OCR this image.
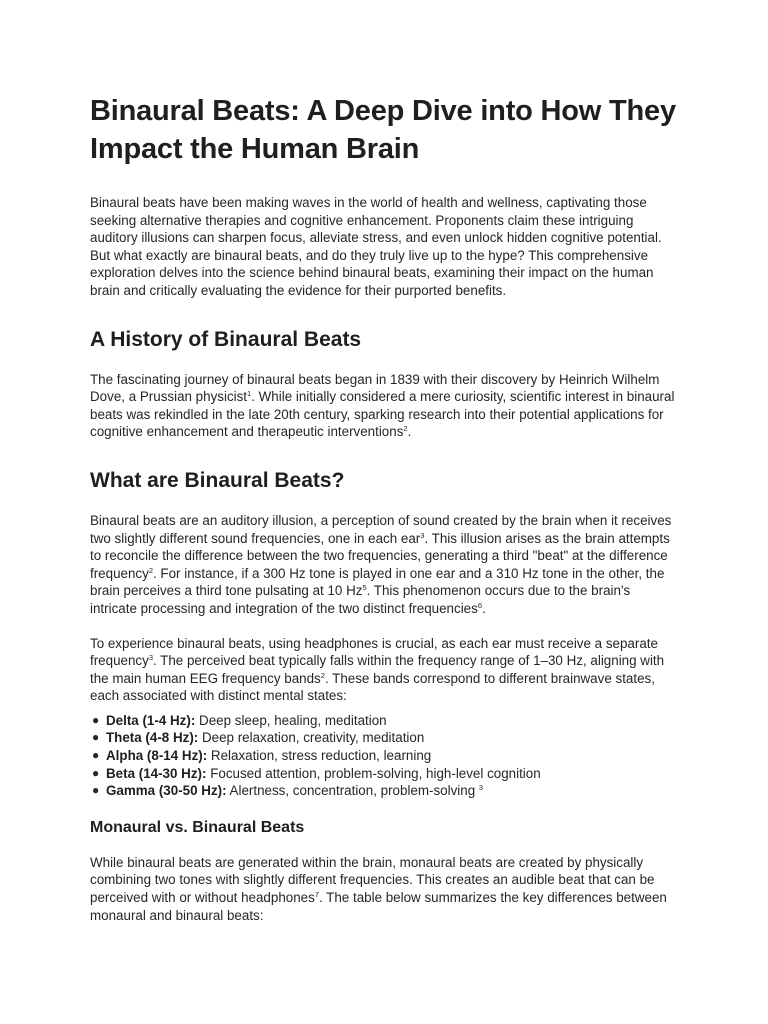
Binaural Beats: A Deep Dive into How They Impact the Human Brain

Binaural beats have been making waves in the world of health and wellness, captivating those seeking alternative therapies and cognitive enhancement. Proponents claim these intriguing auditory illusions can sharpen focus, alleviate stress, and even unlock hidden cognitive potential. But what exactly are binaural beats, and do they truly live up to the hype? This comprehensive exploration delves into the science behind binaural beats, examining their impact on the human brain and critically evaluating the evidence for their purported benefits.

A History of Binaural Beats

The fascinating journey of binaural beats began in 1839 with their discovery by Heinrich Wilhelm Dove, a Prussian physicist$^1$. While initially considered a mere curiosity, scientific interest in binaural beats was rekindled in the late 20th century, sparking research into their potential applications for cognitive enhancement and therapeutic interventions$^2$.

What are Binaural Beats?

Binaural beats are an auditory illusion, a perception of sound created by the brain when it receives two slightly different sound frequencies, one in each ear$^3$. This illusion arises as the brain attempts to reconcile the difference between the two frequencies, generating a third "beat" at the difference frequency$^2$. For instance, if a 300 Hz tone is played in one ear and a 310 Hz tone in the other, the brain perceives a third tone pulsating at 10 Hz$^5$. This phenomenon occurs due to the brain's intricate processing and integration of the two distinct frequencies$^6$.

To experience binaural beats, using headphones is crucial, as each ear must receive a separate frequency$^3$. The perceived beat typically falls within the frequency range of 1–30 Hz, aligning with the main human EEG frequency bands$^2$. These bands correspond to different brainwave states, each associated with distinct mental states:

● Delta (1-4 Hz): Deep sleep, healing, meditation
● Theta (4-8 Hz): Deep relaxation, creativity, meditation
● Alpha (8-14 Hz): Relaxation, stress reduction, learning
● Beta (14-30 Hz): Focused attention, problem-solving, high-level cognition
● Gamma (30-50 Hz): Alertness, concentration, problem-solving $^3$
Monaural vs. Binaural Beats

While binaural beats are generated within the brain, monaural beats are created by physically combining two tones with slightly different frequencies. This creates an audible beat that can be perceived with or without headphones$^7$. The table below summarizes the key differences between monaural and binaural beats:
